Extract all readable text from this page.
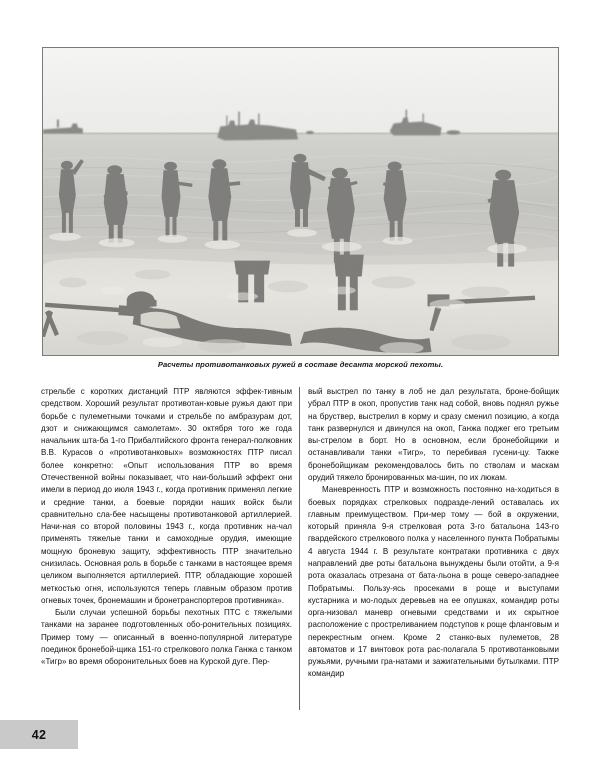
Расчеты противотанковых ружей в составе десанта морской пехоты.

стрельбе с коротких дистанций ПТР являются эффек-тивным средством. Хороший результат противотан-ковые ружья дают при борьбе с пулеметными точками и стрельбе по амбразурам дот, дзот и снижающимся самолетам». 30 октября того же года начальник шта-ба 1-го Прибалтийского фронта генерал-полковник В.В. Курасов о «противотанковых» возможностях ПТР писал более конкретно: «Опыт использования ПТР во время Отечественной войны показывает, что наи-больший эффект они имели в период до июля 1943 г., когда противник применял легкие и средние танки, а боевые порядки наших войск были сравнительно сла-бее насыщены противотанковой артиллерией. Начи-ная со второй половины 1943 г., когда противник на-чал применять тяжелые танки и самоходные орудия, имеющие мощную броневую защиту, эффективность ПТР значительно снизилась. Основная роль в борьбе с танками в настоящее время целиком выполняется артиллерией. ПТР, обладающие хорошей меткостью огня, используются теперь главным образом против огневых точек, бронемашин и бронетранспортеров противника».

Были случаи успешной борьбы пехотных ПТС с тяжелыми танками на заранее подготовленных обо-ронительных позициях. Пример тому — описанный в военно-популярной литературе поединок бронебой-щика 151-го стрелкового полка Ганжа с танком «Тигр» во время оборонительных боев на Курской дуге. Пер-

вый выстрел по танку в лоб не дал результата, броне-бойщик убрал ПТР в окоп, пропустив танк над собой, вновь поднял ружье на бруствер, выстрелил в корму и сразу сменил позицию, а когда танк развернулся и двинулся на окоп, Ганжа поджег его третьим вы-стрелом в борт. Но в основном, если бронебойщики и останавливали танки «Тигр», то перебивая гусени-цу. Также бронебойщикам рекомендовалось бить по стволам и маскам орудий тяжело бронированных ма-шин, по их люкам.

Маневренность ПТР и возможность постоянно на-ходиться в боевых порядках стрелковых подразде-лений оставалась их главным преимуществом. При-мер тому — бой в окружении, который приняла 9-я стрелковая рота 3-го батальона 143-го гвардейского стрелкового полка у населенного пункта Побратымы 4 августа 1944 г. В результате контратаки противника с двух направлений две роты батальона вынуждены были отойти, а 9-я рота оказалась отрезана от бата-льона в роще северо-западнее Побратымы. Пользу-ясь просеками в роще и выступами кустарника и мо-лодых деревьев на ее опушках, командир роты орга-низовал маневр огневыми средствами и их скрытное расположение с простреливанием подступов к роще фланговым и перекрестным огнем. Кроме 2 станко-вых пулеметов, 28 автоматов и 17 винтовок рота рас-полагала 5 противотанковыми ружьями, ручными гра-натами и зажигательными бутылками. ПТР командир

42
